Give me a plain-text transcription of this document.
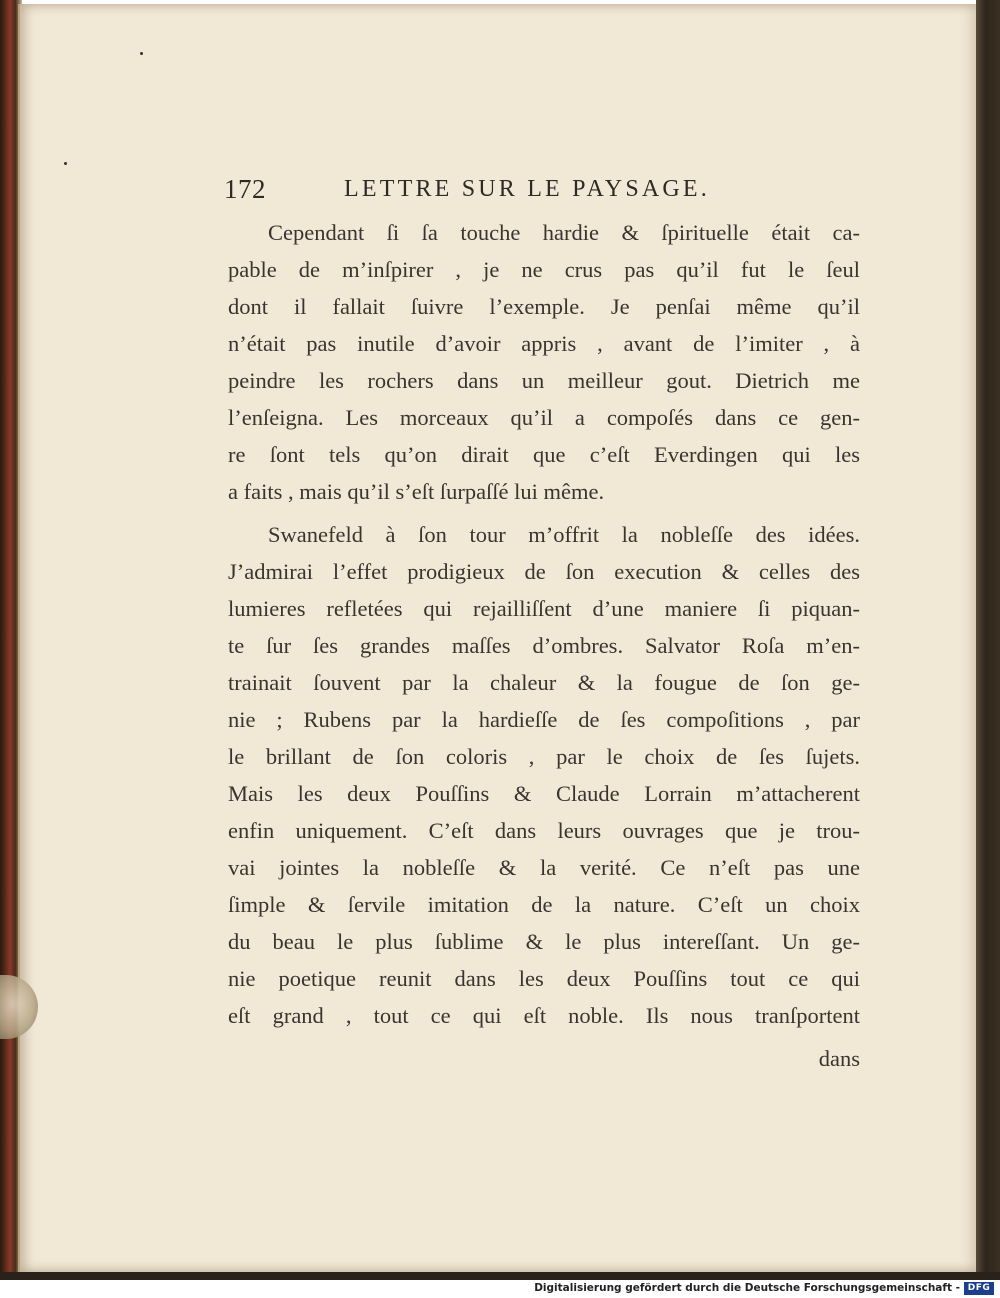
172	LETTRE SUR LE PAYSAGE.
Cependant ſi ſa touche hardie & ſpirituelle était ca-
pable de m’inſpirer , je ne crus pas qu’il fut le ſeul
dont il fallait ſuivre l’exemple. Je penſai même qu’il
n’était pas inutile d’avoir appris , avant de l’imiter , à
peindre les rochers dans un meilleur gout. Dietrich me
l’enſeigna. Les morceaux qu’il a compoſés dans ce gen-
re ſont tels qu’on dirait que c’eſt Everdingen qui les
a faits , mais qu’il s’eſt ſurpaſſé lui même.
Swanefeld à ſon tour m’offrit la nobleſſe des idées.
J’admirai l’effet prodigieux de ſon execution & celles des
lumieres refletées qui rejailliſſent d’une maniere ſi piquan-
te ſur ſes grandes maſſes d’ombres. Salvator Roſa m’en-
trainait ſouvent par la chaleur & la fougue de ſon ge-
nie ; Rubens par la hardieſſe de ſes compoſitions , par
le brillant de ſon coloris , par le choix de ſes ſujets.
Mais les deux Pouſſins & Claude Lorrain m’attacherent
enfin uniquement. C’eſt dans leurs ouvrages que je trou-
vai jointes la nobleſſe & la verité. Ce n’eſt pas une
ſimple & ſervile imitation de la nature. C’eſt un choix
du beau le plus ſublime & le plus intereſſant. Un ge-
nie poetique reunit dans les deux Pouſſins tout ce qui
eſt grand , tout ce qui eſt noble. Ils nous tranſportent
dans
Digitalisierung gefördert durch die Deutsche Forschungsgemeinschaft - DFG
